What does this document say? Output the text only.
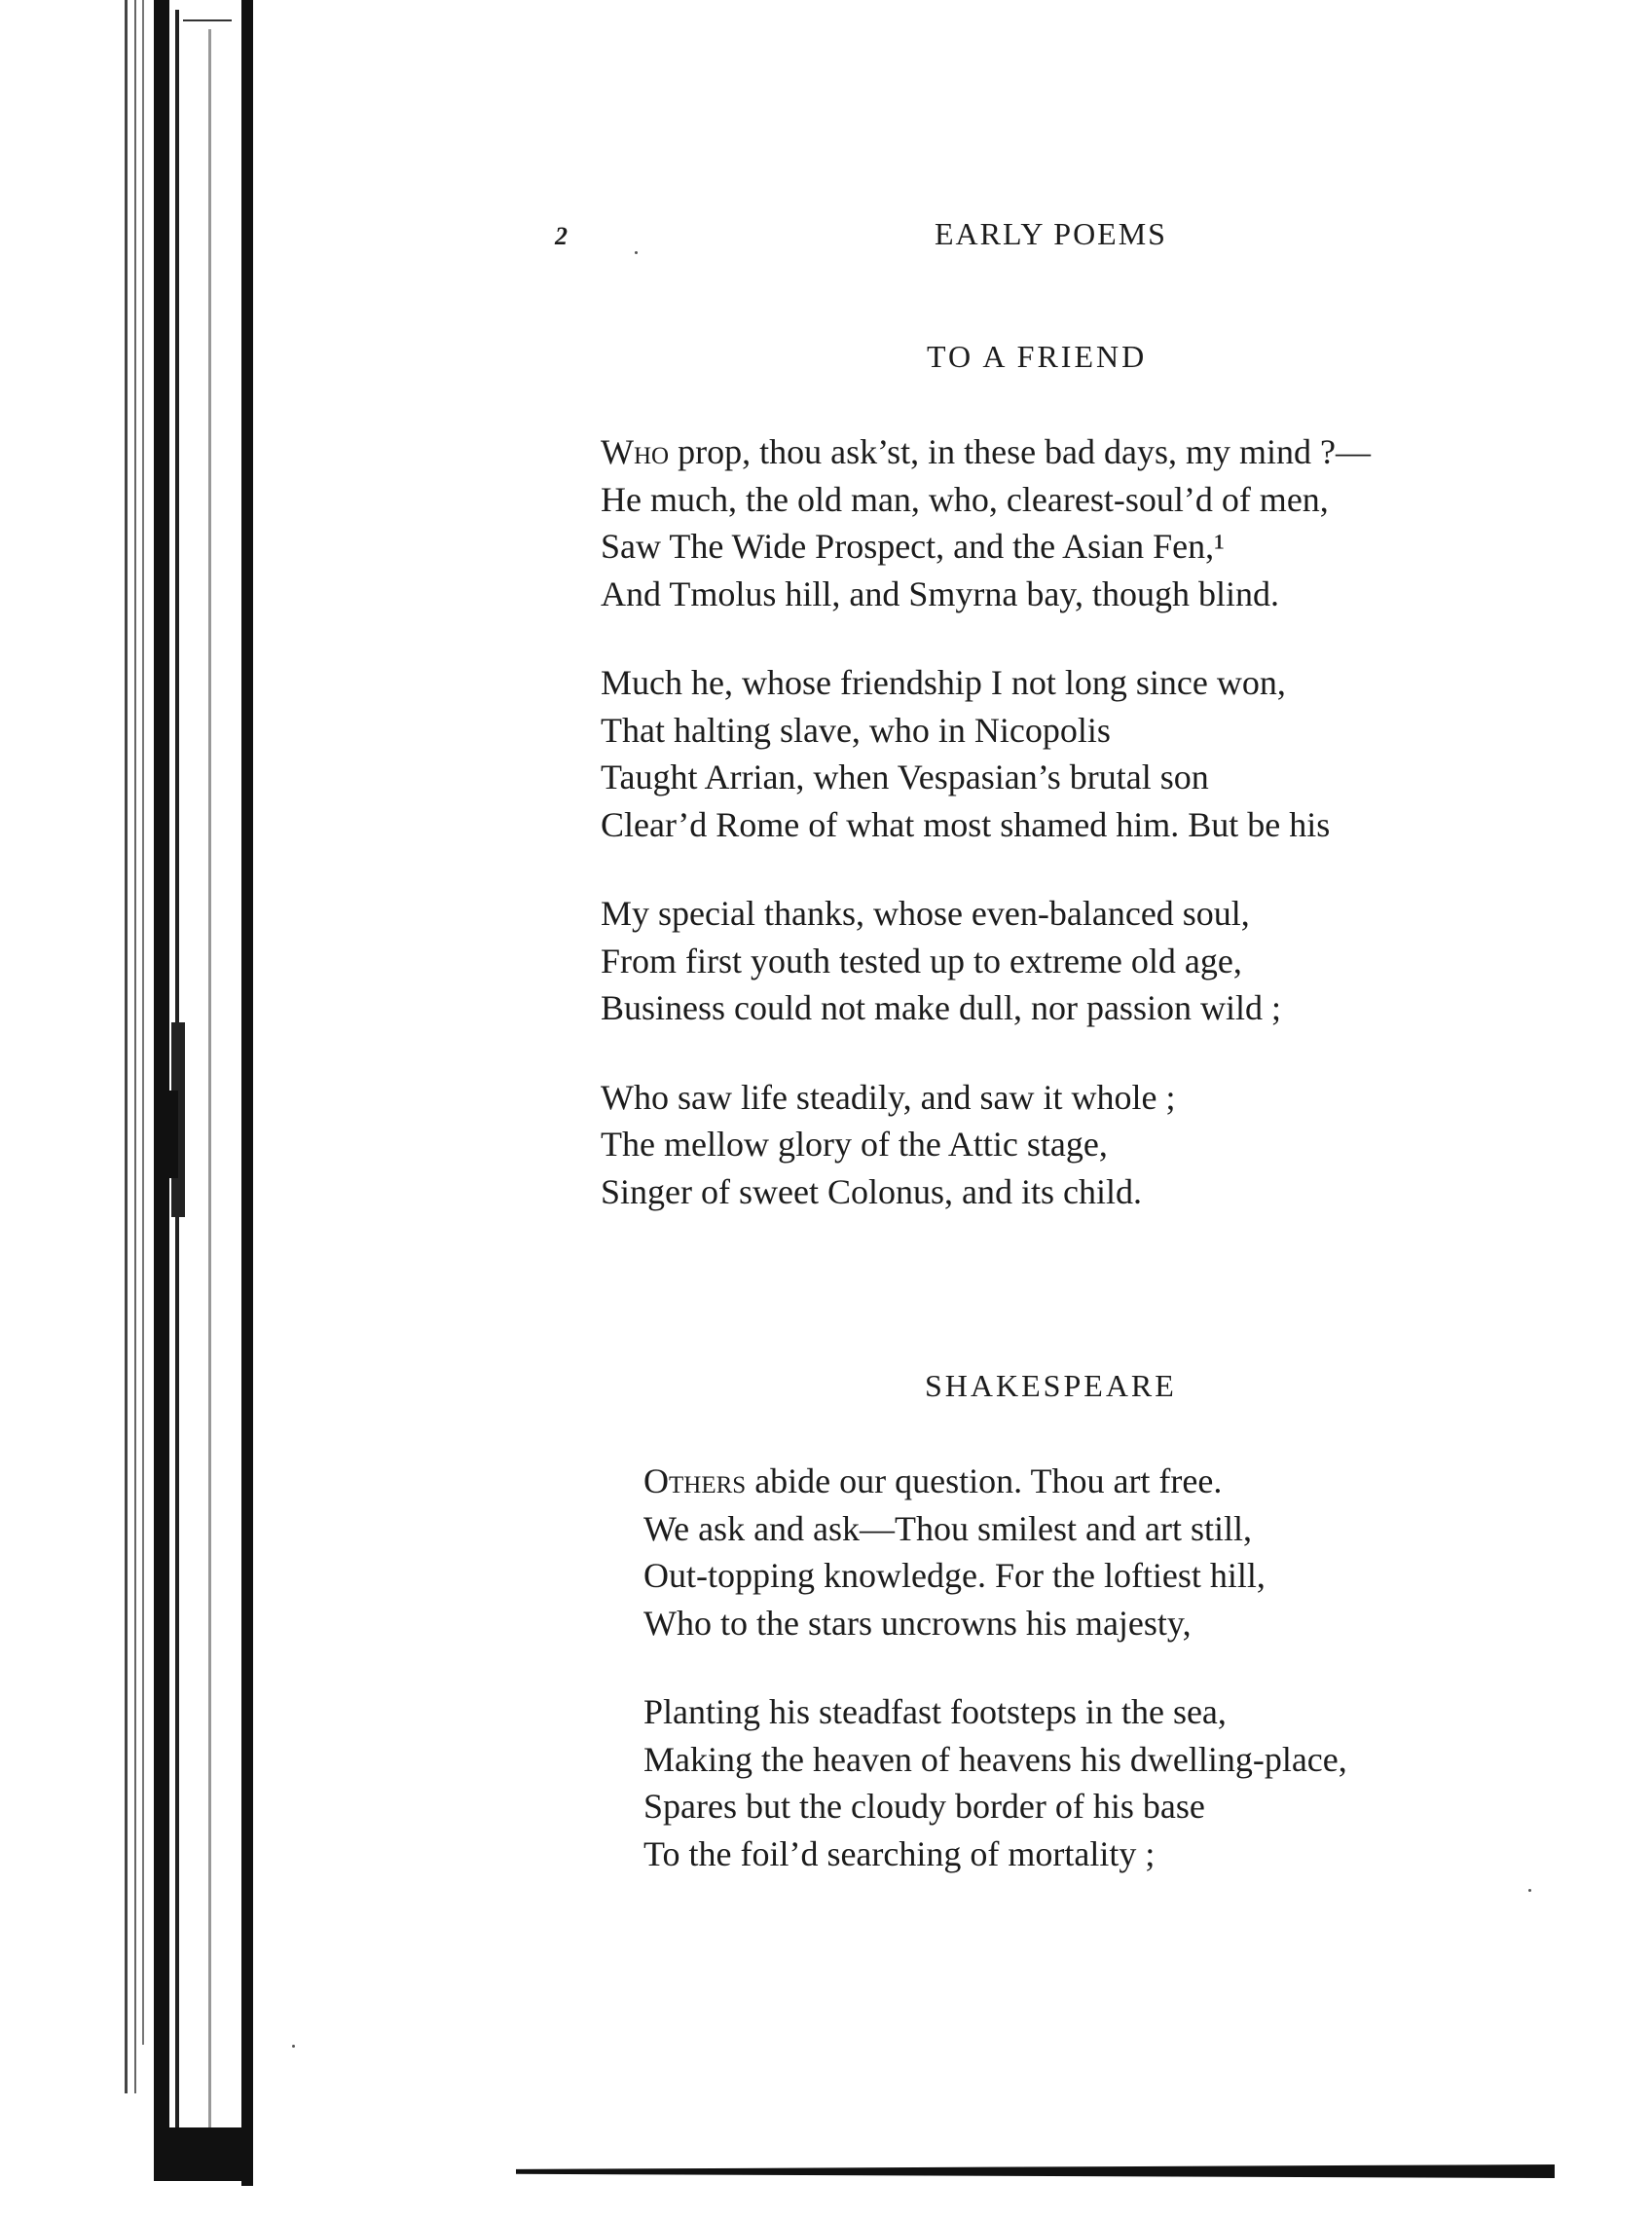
2	EARLY POEMS
TO A FRIEND
Who prop, thou ask’st, in these bad days, my mind ?—
He much, the old man, who, clearest-soul’d of men,
Saw The Wide Prospect, and the Asian Fen,¹
And Tmolus hill, and Smyrna bay, though blind.
Much he, whose friendship I not long since won,
That halting slave, who in Nicopolis
Taught Arrian, when Vespasian’s brutal son
Clear’d Rome of what most shamed him. But be his
My special thanks, whose even-balanced soul,
From first youth tested up to extreme old age,
Business could not make dull, nor passion wild ;
Who saw life steadily, and saw it whole ;
The mellow glory of the Attic stage,
Singer of sweet Colonus, and its child.
SHAKESPEARE
Others abide our question. Thou art free.
We ask and ask—Thou smilest and art still,
Out-topping knowledge. For the loftiest hill,
Who to the stars uncrowns his majesty,
Planting his steadfast footsteps in the sea,
Making the heaven of heavens his dwelling-place,
Spares but the cloudy border of his base
To the foil’d searching of mortality ;
